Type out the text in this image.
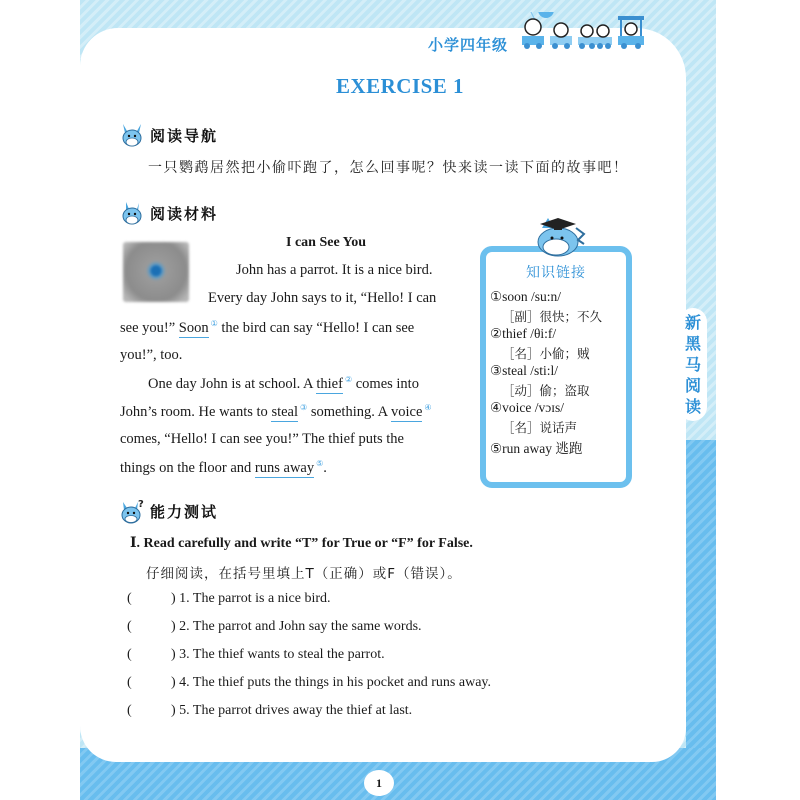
小学四年级
EXERCISE 1
阅读导航
一只鹦鹉居然把小偷吓跑了，怎么回事呢？快来读一读下面的故事吧！
阅读材料
I can See You
John has a parrot. It is a nice bird.
Every day John says to it, “Hello! I can
see you!” Soon ① the bird can say “Hello! I can see
you!”, too.
One day John is at school. A thief ② comes into
John’s room. He wants to steal ③ something. A voice ④
comes, “Hello! I can see you!” The thief puts the
things on the floor and runs away ⑤.
知识链接
①soon /su:n/
［副］很快；不久
②thief /θi:f/
［名］小偷；贼
③steal /sti:l/
［动］偷；盗取
④voice /vɔɪs/
［名］说话声
⑤run away 逃跑
新
黑
马
阅
读
? 能力测试
Ⅰ. Read carefully and write “T” for True or “F” for False.
仔细阅读，在括号里填上T（正确）或F（错误）。
(	) 1. The parrot is a nice bird.
(	) 2. The parrot and John say the same words.
(	) 3. The thief wants to steal the parrot.
(	) 4. The thief puts the things in his pocket and runs away.
(	) 5. The parrot drives away the thief at last.
1
